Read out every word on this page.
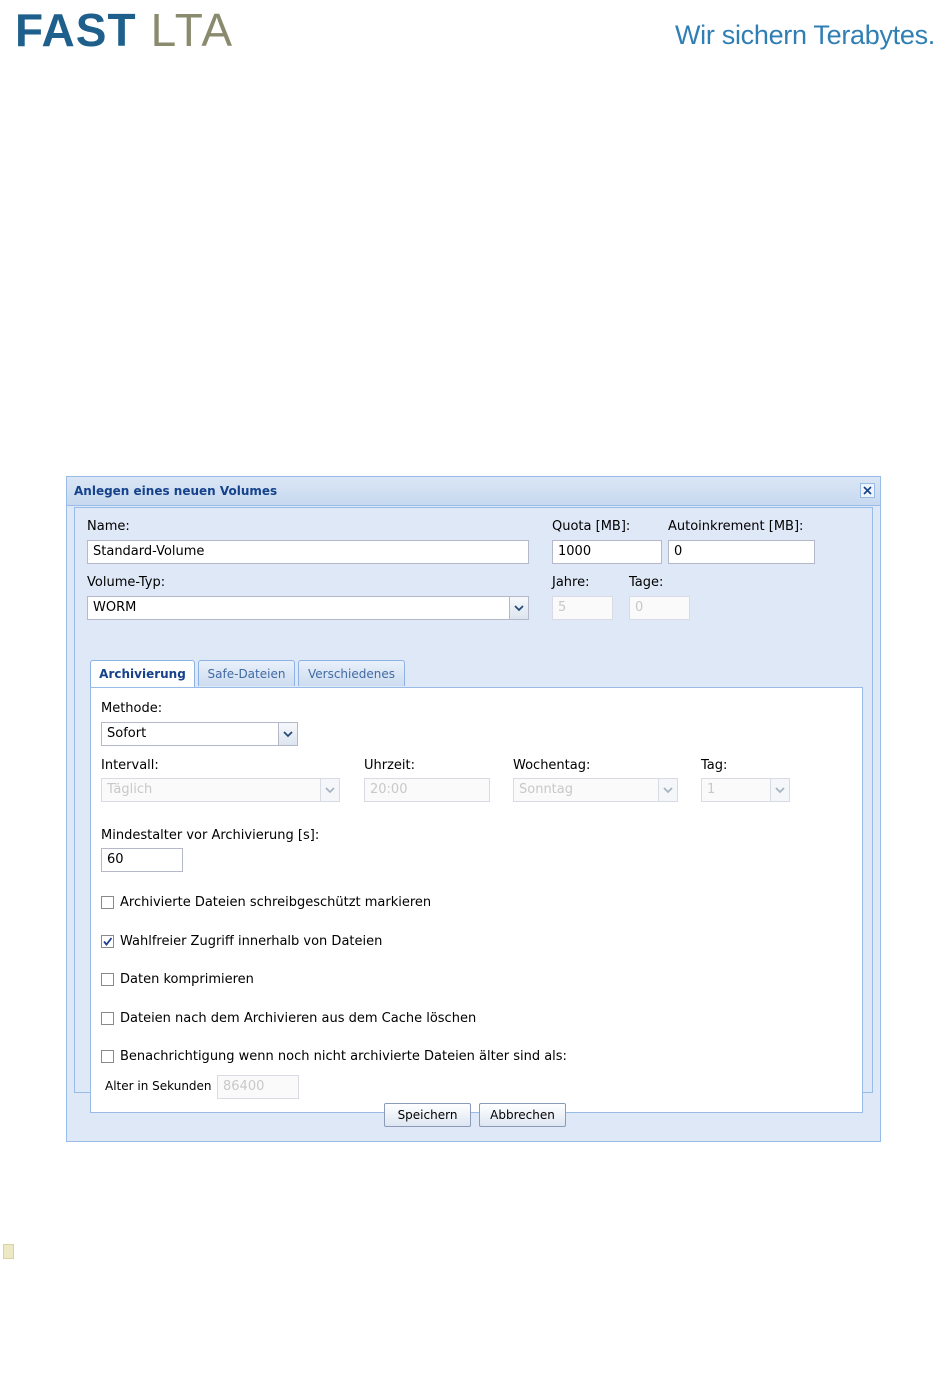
FAST LTA	Wir sichern Terabytes.
Anlegen eines neuen Volumes
Name:
Standard-Volume
Quota [MB]:
1000
Autoinkrement [MB]:
0
Volume-Typ:
WORM
Jahre:
5
Tage:
0
Archivierung	Safe-Dateien	Verschiedenes
Methode:
Sofort
Intervall:
Täglich
Uhrzeit:
20:00
Wochentag:
Sonntag
Tag:
1
Mindestalter vor Archivierung [s]:
60
Archivierte Dateien schreibgeschützt markieren
Wahlfreier Zugriff innerhalb von Dateien
Daten komprimieren
Dateien nach dem Archivieren aus dem Cache löschen
Benachrichtigung wenn noch nicht archivierte Dateien älter sind als:
Alter in Sekunden 86400
Speichern	Abbrechen
